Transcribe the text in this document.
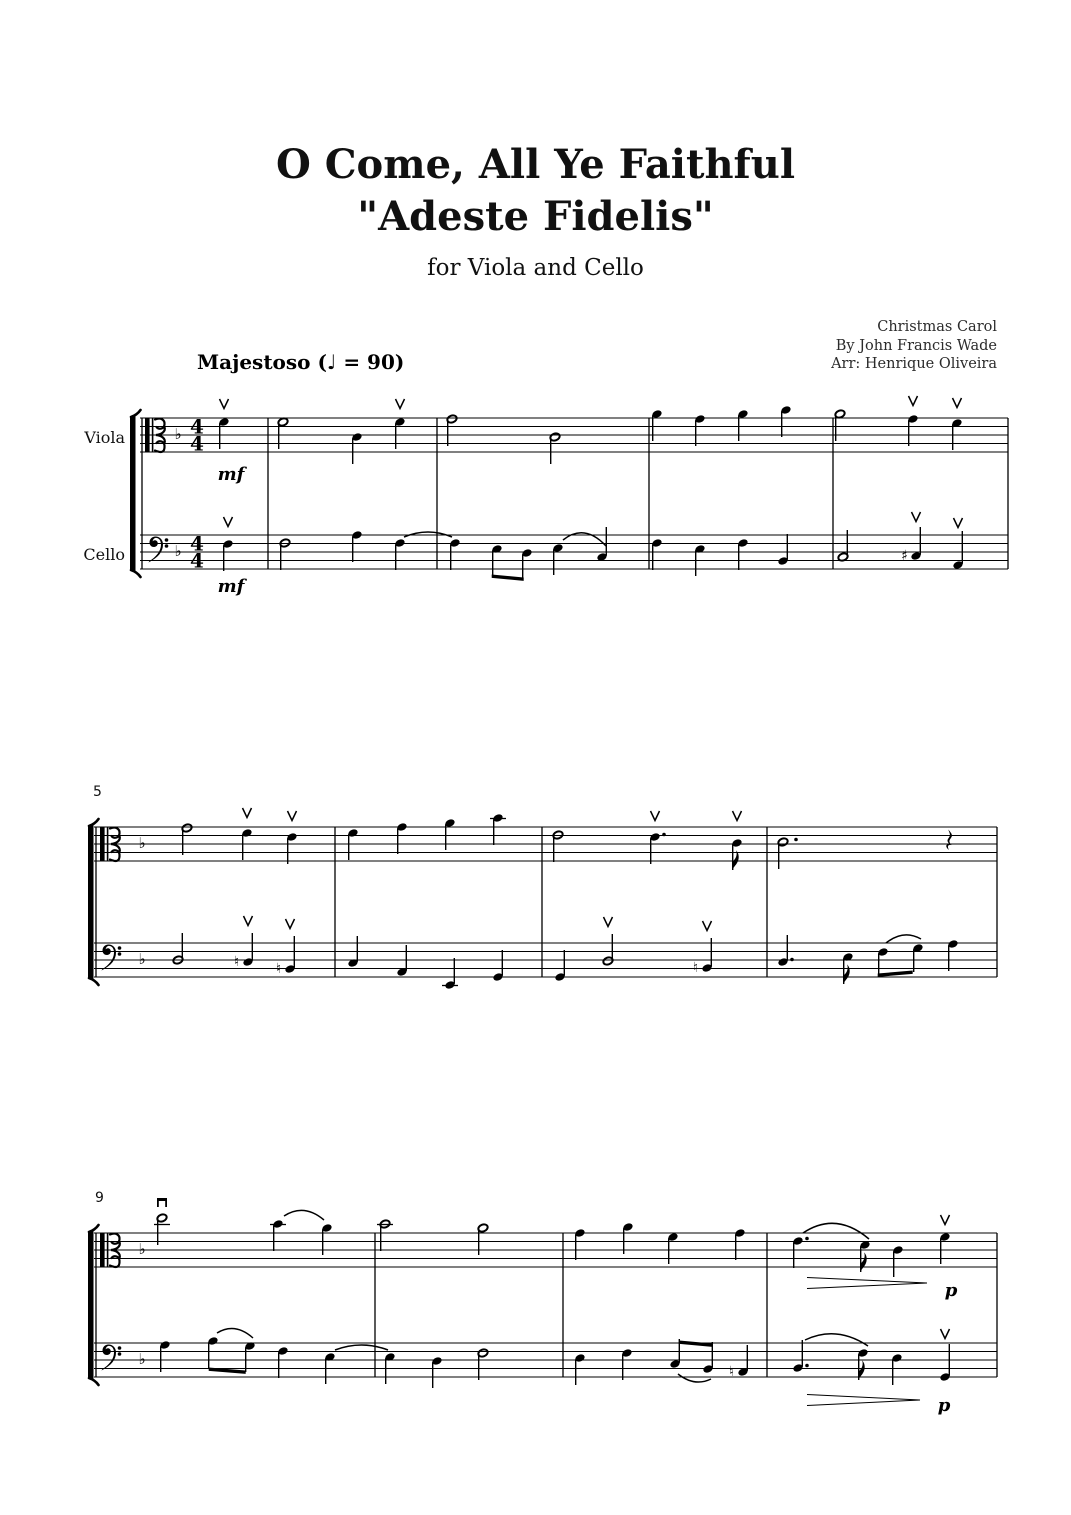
O Come, All Ye Faithful
"Adeste Fidelis"
for Viola and Cello
Christmas Carol
By John Francis Wade
Arr: Henrique Oliveira
Majestoso (♩ = 90)
Viola
Cello
5
9
mf
mf
p
p
♭ 4
4
♭ 4
4	♯
♭
♭	♮	♮	♮
♭
♭
♮
